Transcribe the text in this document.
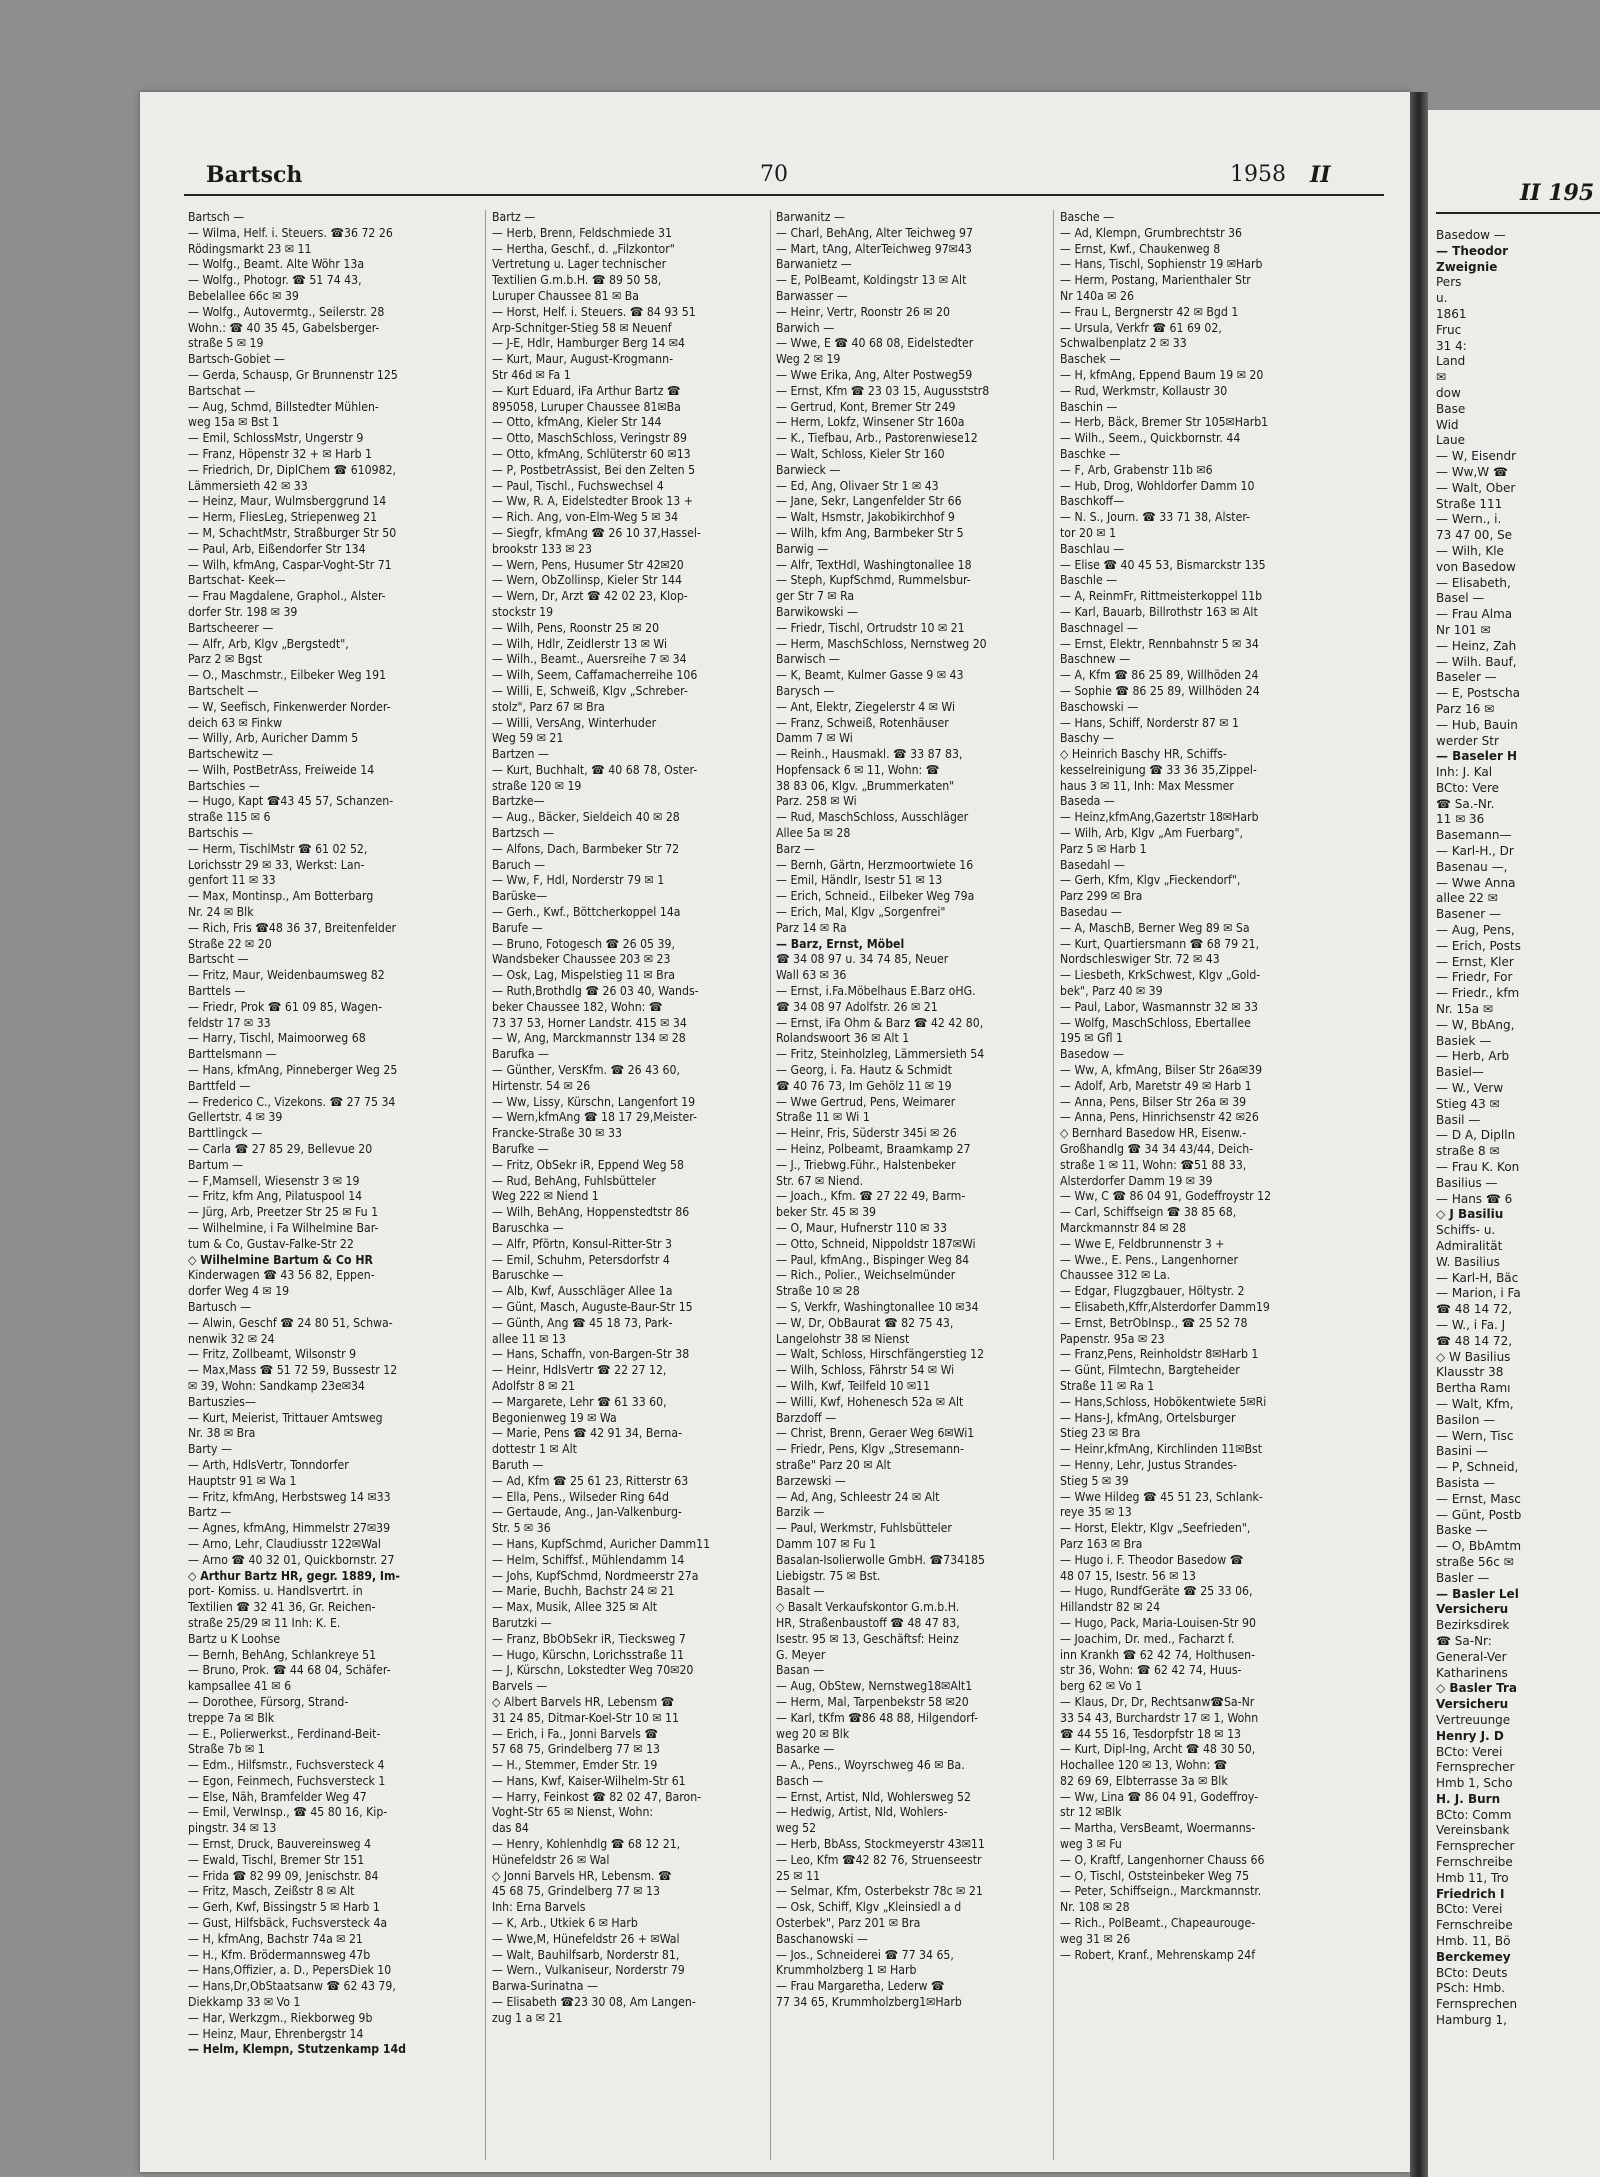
Bartsch	70	1958 II
Bartsch —
— Wilma, Helf. i. Steuers. ☎36 72 26
Rödingsmarkt 23 ✉ 11
— Wolfg., Beamt. Alte Wöhr 13a
— Wolfg., Photogr. ☎ 51 74 43,
Bebelallee 66c ✉ 39
— Wolfg., Autovermtg., Seilerstr. 28
Wohn.: ☎ 40 35 45, Gabelsberger-
straße 5 ✉ 19
Bartsch-Gobiet —
— Gerda, Schausp, Gr Brunnenstr 125
Bartschat —
— Aug, Schmd, Billstedter Mühlen-
weg 15a ✉ Bst 1
— Emil, SchlossMstr, Ungerstr 9
— Franz, Höpenstr 32 + ✉ Harb 1
— Friedrich, Dr, DiplChem ☎ 610982,
Lämmersieth 42 ✉ 33
— Heinz, Maur, Wulmsberggrund 14
— Herm, FliesLeg, Striepenweg 21
— M, SchachtMstr, Straßburger Str 50
— Paul, Arb, Eißendorfer Str 134
— Wilh, kfmAng, Caspar-Voght-Str 71
Bartschat- Keek—
— Frau Magdalene, Graphol., Alster-
dorfer Str. 198 ✉ 39
Bartscheerer —
— Alfr, Arb, Klgv „Bergstedt",
Parz 2 ✉ Bgst
— O., Maschmstr., Eilbeker Weg 191
Bartschelt —
— W, Seefisch, Finkenwerder Norder-
deich 63 ✉ Finkw
— Willy, Arb, Auricher Damm 5
Bartschewitz —
— Wilh, PostBetrAss, Freiweide 14
Bartschies —
— Hugo, Kapt ☎43 45 57, Schanzen-
straße 115 ✉ 6
Bartschis —
— Herm, TischlMstr ☎ 61 02 52,
Lorichsstr 29 ✉ 33, Werkst: Lan-
genfort 11 ✉ 33
— Max, Montinsp., Am Botterbarg
Nr. 24 ✉ Blk
— Rich, Fris ☎48 36 37, Breitenfelder
Straße 22 ✉ 20
Bartscht —
— Fritz, Maur, Weidenbaumsweg 82
Barttels —
— Friedr, Prok ☎ 61 09 85, Wagen-
feldstr 17 ✉ 33
— Harry, Tischl, Maimoorweg 68
Barttelsmann —
— Hans, kfmAng, Pinneberger Weg 25
Barttfeld —
— Frederico C., Vizekons. ☎ 27 75 34
Gellertstr. 4 ✉ 39
Barttlingck —
— Carla ☎ 27 85 29, Bellevue 20
Bartum —
— F,Mamsell, Wiesenstr 3 ✉ 19
— Fritz, kfm Ang, Pilatuspool 14
— Jürg, Arb, Preetzer Str 25 ✉ Fu 1
— Wilhelmine, i Fa Wilhelmine Bar-
tum & Co, Gustav-Falke-Str 22
◇ Wilhelmine Bartum & Co HR
Kinderwagen ☎ 43 56 82, Eppen-
dorfer Weg 4 ✉ 19
Bartusch —
— Alwin, Geschf ☎ 24 80 51, Schwa-
nenwik 32 ✉ 24
— Fritz, Zollbeamt, Wilsonstr 9
— Max,Mass ☎ 51 72 59, Bussestr 12
✉ 39, Wohn: Sandkamp 23e✉34
Bartuszies—
— Kurt, Meierist, Trittauer Amtsweg
Nr. 38 ✉ Bra
Barty —
— Arth, HdlsVertr, Tonndorfer
Hauptstr 91 ✉ Wa 1
— Fritz, kfmAng, Herbstsweg 14 ✉33
Bartz —
— Agnes, kfmAng, Himmelstr 27✉39
— Arno, Lehr, Claudiusstr 122✉Wal
— Arno ☎ 40 32 01, Quickbornstr. 27
◇ Arthur Bartz HR, gegr. 1889, Im-
port- Komiss. u. Handlsvertrt. in
Textilien ☎ 32 41 36, Gr. Reichen-
straße 25/29 ✉ 11 Inh: K. E.
Bartz u K Loohse
— Bernh, BehAng, Schlankreye 51
— Bruno, Prok. ☎ 44 68 04, Schäfer-
kampsallee 41 ✉ 6
— Dorothee, Fürsorg, Strand-
treppe 7a ✉ Blk
— E., Polierwerkst., Ferdinand-Beit-
Straße 7b ✉ 1
— Edm., Hilfsmstr., Fuchsversteck 4
— Egon, Feinmech, Fuchsversteck 1
— Else, Näh, Bramfelder Weg 47
— Emil, VerwInsp., ☎ 45 80 16, Kip-
pingstr. 34 ✉ 13
— Ernst, Druck, Bauvereinsweg 4
— Ewald, Tischl, Bremer Str 151
— Frida ☎ 82 99 09, Jenischstr. 84
— Fritz, Masch, Zeißstr 8 ✉ Alt
— Gerh, Kwf, Bissingstr 5 ✉ Harb 1
— Gust, Hilfsbäck, Fuchsversteck 4a
— H, kfmAng, Bachstr 74a ✉ 21
— H., Kfm. Brödermannsweg 47b
— Hans,Offizier, a. D., PepersDiek 10
— Hans,Dr,ObStaatsanw ☎ 62 43 79,
Diekkamp 33 ✉ Vo 1
— Har, Werkzgm., Riekborweg 9b
— Heinz, Maur, Ehrenbergstr 14
— Helm, Klempn, Stutzenkamp 14d
Bartz —
— Herb, Brenn, Feldschmiede 31
— Hertha, Geschf., d. „Filzkontor"
Vertretung u. Lager technischer
Textilien G.m.b.H. ☎ 89 50 58,
Luruper Chaussee 81 ✉ Ba
— Horst, Helf. i. Steuers. ☎ 84 93 51
Arp-Schnitger-Stieg 58 ✉ Neuenf
— J-E, Hdlr, Hamburger Berg 14 ✉4
— Kurt, Maur, August-Krogmann-
Str 46d ✉ Fa 1
— Kurt Eduard, iFa Arthur Bartz ☎
895058, Luruper Chaussee 81✉Ba
— Otto, kfmAng, Kieler Str 144
— Otto, MaschSchloss, Veringstr 89
— Otto, kfmAng, Schlüterstr 60 ✉13
— P, PostbetrAssist, Bei den Zelten 5
— Paul, Tischl., Fuchswechsel 4
— Ww, R. A, Eidelstedter Brook 13 +
— Rich. Ang, von-Elm-Weg 5 ✉ 34
— Siegfr, kfmAng ☎ 26 10 37,Hassel-
brookstr 133 ✉ 23
— Wern, Pens, Husumer Str 42✉20
— Wern, ObZollinsp, Kieler Str 144
— Wern, Dr, Arzt ☎ 42 02 23, Klop-
stockstr 19
— Wilh, Pens, Roonstr 25 ✉ 20
— Wilh, Hdlr, Zeidlerstr 13 ✉ Wi
— Wilh., Beamt., Auersreihe 7 ✉ 34
— Wilh, Seem, Caffamacherreihe 106
— Willi, E, Schweiß, Klgv „Schreber-
stolz", Parz 67 ✉ Bra
— Willi, VersAng, Winterhuder
Weg 59 ✉ 21
Bartzen —
— Kurt, Buchhalt, ☎ 40 68 78, Oster-
straße 120 ✉ 19
Bartzke—
— Aug., Bäcker, Sieldeich 40 ✉ 28
Bartzsch —
— Alfons, Dach, Barmbeker Str 72
Baruch —
— Ww, F, Hdl, Norderstr 79 ✉ 1
Barüske—
— Gerh., Kwf., Böttcherkoppel 14a
Barufe —
— Bruno, Fotogesch ☎ 26 05 39,
Wandsbeker Chaussee 203 ✉ 23
— Osk, Lag, Mispelstieg 11 ✉ Bra
— Ruth,Brothdlg ☎ 26 03 40, Wands-
beker Chaussee 182, Wohn: ☎
73 37 53, Horner Landstr. 415 ✉ 34
— W, Ang, Marckmannstr 134 ✉ 28
Barufka —
— Günther, VersKfm. ☎ 26 43 60,
Hirtenstr. 54 ✉ 26
— Ww, Lissy, Kürschn, Langenfort 19
— Wern,kfmAng ☎ 18 17 29,Meister-
Francke-Straße 30 ✉ 33
Barufke —
— Fritz, ObSekr iR, Eppend Weg 58
— Rud, BehAng, Fuhlsbütteler
Weg 222 ✉ Niend 1
— Wilh, BehAng, Hoppenstedtstr 86
Baruschka —
— Alfr, Pförtn, Konsul-Ritter-Str 3
— Emil, Schuhm, Petersdorfstr 4
Baruschke —
— Alb, Kwf, Ausschläger Allee 1a
— Günt, Masch, Auguste-Baur-Str 15
— Günth, Ang ☎ 45 18 73, Park-
allee 11 ✉ 13
— Hans, Schaffn, von-Bargen-Str 38
— Heinr, HdlsVertr ☎ 22 27 12,
Adolfstr 8 ✉ 21
— Margarete, Lehr ☎ 61 33 60,
Begonienweg 19 ✉ Wa
— Marie, Pens ☎ 42 91 34, Berna-
dottestr 1 ✉ Alt
Baruth —
— Ad, Kfm ☎ 25 61 23, Ritterstr 63
— Ella, Pens., Wilseder Ring 64d
— Gertaude, Ang., Jan-Valkenburg-
Str. 5 ✉ 36
— Hans, KupfSchmd, Auricher Damm11
— Helm, Schiffsf., Mühlendamm 14
— Johs, KupfSchmd, Nordmeerstr 27a
— Marie, Buchh, Bachstr 24 ✉ 21
— Max, Musik, Allee 325 ✉ Alt
Barutzki —
— Franz, BbObSekr iR, Tiecksweg 7
— Hugo, Kürschn, Lorichsstraße 11
— J, Kürschn, Lokstedter Weg 70✉20
Barvels —
◇ Albert Barvels HR, Lebensm ☎
31 24 85, Ditmar-Koel-Str 10 ✉ 11
— Erich, i Fa., Jonni Barvels ☎
57 68 75, Grindelberg 77 ✉ 13
— H., Stemmer, Emder Str. 19
— Hans, Kwf, Kaiser-Wilhelm-Str 61
— Harry, Feinkost ☎ 82 02 47, Baron-
Voght-Str 65 ✉ Nienst, Wohn:
das 84
— Henry, Kohlenhdlg ☎ 68 12 21,
Hünefeldstr 26 ✉ Wal
◇ Jonni Barvels HR, Lebensm. ☎
45 68 75, Grindelberg 77 ✉ 13
Inh: Erna Barvels
— K, Arb., Utkiek 6 ✉ Harb
— Wwe,M, Hünefeldstr 26 + ✉Wal
— Walt, Bauhilfsarb, Norderstr 81,
— Wern., Vulkaniseur, Norderstr 79
Barwa-Surinatna —
— Elisabeth ☎23 30 08, Am Langen-
zug 1 a ✉ 21
Barwanitz —
— Charl, BehAng, Alter Teichweg 97
— Mart, tAng, AlterTeichweg 97✉43
Barwanietz —
— E, PolBeamt, Koldingstr 13 ✉ Alt
Barwasser —
— Heinr, Vertr, Roonstr 26 ✉ 20
Barwich —
— Wwe, E ☎ 40 68 08, Eidelstedter
Weg 2 ✉ 19
— Wwe Erika, Ang, Alter Postweg59
— Ernst, Kfm ☎ 23 03 15, Augusststr8
— Gertrud, Kont, Bremer Str 249
— Herm, Lokfz, Winsener Str 160a
— K., Tiefbau, Arb., Pastorenwiese12
— Walt, Schloss, Kieler Str 160
Barwieck —
— Ed, Ang, Olivaer Str 1 ✉ 43
— Jane, Sekr, Langenfelder Str 66
— Walt, Hsmstr, Jakobikirchhof 9
— Wilh, kfm Ang, Barmbeker Str 5
Barwig —
— Alfr, TextHdl, Washingtonallee 18
— Steph, KupfSchmd, Rummelsbur-
ger Str 7 ✉ Ra
Barwikowski —
— Friedr, Tischl, Ortrudstr 10 ✉ 21
— Herm, MaschSchloss, Nernstweg 20
Barwisch —
— K, Beamt, Kulmer Gasse 9 ✉ 43
Barysch —
— Ant, Elektr, Ziegelerstr 4 ✉ Wi
— Franz, Schweiß, Rotenhäuser
Damm 7 ✉ Wi
— Reinh., Hausmakl. ☎ 33 87 83,
Hopfensack 6 ✉ 11, Wohn: ☎
38 83 06, Klgv. „Brummerkaten"
Parz. 258 ✉ Wi
— Rud, MaschSchloss, Ausschläger
Allee 5a ✉ 28
Barz —
— Bernh, Gärtn, Herzmoortwiete 16
— Emil, Händlr, Isestr 51 ✉ 13
— Erich, Schneid., Eilbeker Weg 79a
— Erich, Mal, Klgv „Sorgenfrei"
Parz 14 ✉ Ra
— Barz, Ernst, Möbel
☎ 34 08 97 u. 34 74 85, Neuer
Wall 63 ✉ 36
— Ernst, i.Fa.Möbelhaus E.Barz oHG.
☎ 34 08 97 Adolfstr. 26 ✉ 21
— Ernst, iFa Ohm & Barz ☎ 42 42 80,
Rolandswoort 36 ✉ Alt 1
— Fritz, Steinholzleg, Lämmersieth 54
— Georg, i. Fa. Hautz & Schmidt
☎ 40 76 73, Im Gehölz 11 ✉ 19
— Wwe Gertrud, Pens, Weimarer
Straße 11 ✉ Wi 1
— Heinr, Fris, Süderstr 345i ✉ 26
— Heinz, Polbeamt, Braamkamp 27
— J., Triebwg.Führ., Halstenbeker
Str. 67 ✉ Niend.
— Joach., Kfm. ☎ 27 22 49, Barm-
beker Str. 45 ✉ 39
— O, Maur, Hufnerstr 110 ✉ 33
— Otto, Schneid, Nippoldstr 187✉Wi
— Paul, kfmAng., Bispinger Weg 84
— Rich., Polier., Weichselmünder
Straße 10 ✉ 28
— S, Verkfr, Washingtonallee 10 ✉34
— W, Dr, ObBaurat ☎ 82 75 43,
Langelohstr 38 ✉ Nienst
— Walt, Schloss, Hirschfängerstieg 12
— Wilh, Schloss, Fährstr 54 ✉ Wi
— Wilh, Kwf, Teilfeld 10 ✉11
— Willi, Kwf, Hohenesch 52a ✉ Alt
Barzdoff —
— Christ, Brenn, Geraer Weg 6✉Wi1
— Friedr, Pens, Klgv „Stresemann-
straße" Parz 20 ✉ Alt
Barzewski —
— Ad, Ang, Schleestr 24 ✉ Alt
Barzik —
— Paul, Werkmstr, Fuhlsbütteler
Damm 107 ✉ Fu 1
Basalan-Isolierwolle GmbH. ☎734185
Liebigstr. 75 ✉ Bst.
Basalt —
◇ Basalt Verkaufskontor G.m.b.H.
HR, Straßenbaustoff ☎ 48 47 83,
Isestr. 95 ✉ 13, Geschäftsf: Heinz
G. Meyer
Basan —
— Aug, ObStew, Nernstweg18✉Alt1
— Herm, Mal, Tarpenbekstr 58 ✉20
— Karl, tKfm ☎86 48 88, Hilgendorf-
weg 20 ✉ Blk
Basarke —
— A., Pens., Woyrschweg 46 ✉ Ba.
Basch —
— Ernst, Artist, Nld, Wohlersweg 52
— Hedwig, Artist, Nld, Wohlers-
weg 52
— Herb, BbAss, Stockmeyerstr 43✉11
— Leo, Kfm ☎42 82 76, Struenseestr
25 ✉ 11
— Selmar, Kfm, Osterbekstr 78c ✉ 21
— Osk, Schiff, Klgv „Kleinsiedl a d
Osterbek", Parz 201 ✉ Bra
Baschanowski —
— Jos., Schneiderei ☎ 77 34 65,
Krummholzberg 1 ✉ Harb
— Frau Margaretha, Lederw ☎
77 34 65, Krummholzberg1✉Harb
Basche —
— Ad, Klempn, Grumbrechtstr 36
— Ernst, Kwf., Chaukenweg 8
— Hans, Tischl, Sophienstr 19 ✉Harb
— Herm, Postang, Marienthaler Str
Nr 140a ✉ 26
— Frau L, Bergnerstr 42 ✉ Bgd 1
— Ursula, Verkfr ☎ 61 69 02,
Schwalbenplatz 2 ✉ 33
Baschek —
— H, kfmAng, Eppend Baum 19 ✉ 20
— Rud, Werkmstr, Kollaustr 30
Baschin —
— Herb, Bäck, Bremer Str 105✉Harb1
— Wilh., Seem., Quickbornstr. 44
Baschke —
— F, Arb, Grabenstr 11b ✉6
— Hub, Drog, Wohldorfer Damm 10
Baschkoff—
— N. S., Journ. ☎ 33 71 38, Alster-
tor 20 ✉ 1
Baschlau —
— Elise ☎ 40 45 53, Bismarckstr 135
Baschle —
— A, ReinmFr, Rittmeisterkoppel 11b
— Karl, Bauarb, Billrothstr 163 ✉ Alt
Baschnagel —
— Ernst, Elektr, Rennbahnstr 5 ✉ 34
Baschnew —
— A, Kfm ☎ 86 25 89, Willhöden 24
— Sophie ☎ 86 25 89, Willhöden 24
Baschowski —
— Hans, Schiff, Norderstr 87 ✉ 1
Baschy —
◇ Heinrich Baschy HR, Schiffs-
kesselreinigung ☎ 33 36 35,Zippel-
haus 3 ✉ 11, Inh: Max Messmer
Baseda —
— Heinz,kfmAng,Gazertstr 18✉Harb
— Wilh, Arb, Klgv „Am Fuerbarg",
Parz 5 ✉ Harb 1
Basedahl —
— Gerh, Kfm, Klgv „Fieckendorf",
Parz 299 ✉ Bra
Basedau —
— A, MaschB, Berner Weg 89 ✉ Sa
— Kurt, Quartiersmann ☎ 68 79 21,
Nordschleswiger Str. 72 ✉ 43
— Liesbeth, KrkSchwest, Klgv „Gold-
bek", Parz 40 ✉ 39
— Paul, Labor, Wasmannstr 32 ✉ 33
— Wolfg, MaschSchloss, Ebertallee
195 ✉ Gfl 1
Basedow —
— Ww, A, kfmAng, Bilser Str 26a✉39
— Adolf, Arb, Maretstr 49 ✉ Harb 1
— Anna, Pens, Bilser Str 26a ✉ 39
— Anna, Pens, Hinrichsenstr 42 ✉26
◇ Bernhard Basedow HR, Eisenw.-
Großhandlg ☎ 34 34 43/44, Deich-
straße 1 ✉ 11, Wohn: ☎51 88 33,
Alsterdorfer Damm 19 ✉ 39
— Ww, C ☎ 86 04 91, Godeffroystr 12
— Carl, Schiffseign ☎ 38 85 68,
Marckmannstr 84 ✉ 28
— Wwe E, Feldbrunnenstr 3 +
— Wwe., E. Pens., Langenhorner
Chaussee 312 ✉ La.
— Edgar, Flugzgbauer, Höltystr. 2
— Elisabeth,Kffr,Alsterdorfer Damm19
— Ernst, BetrObInsp., ☎ 25 52 78
Papenstr. 95a ✉ 23
— Franz,Pens, Reinholdstr 8✉Harb 1
— Günt, Filmtechn, Bargteheider
Straße 11 ✉ Ra 1
— Hans,Schloss, Hobökentwiete 5✉Ri
— Hans-J, kfmAng, Ortelsburger
Stieg 23 ✉ Bra
— Heinr,kfmAng, Kirchlinden 11✉Bst
— Henny, Lehr, Justus Strandes-
Stieg 5 ✉ 39
— Wwe Hildeg ☎ 45 51 23, Schlank-
reye 35 ✉ 13
— Horst, Elektr, Klgv „Seefrieden",
Parz 163 ✉ Bra
— Hugo i. F. Theodor Basedow ☎
48 07 15, Isestr. 56 ✉ 13
— Hugo, RundfGeräte ☎ 25 33 06,
Hillandstr 82 ✉ 24
— Hugo, Pack, Maria-Louisen-Str 90
— Joachim, Dr. med., Facharzt f.
inn Krankh ☎ 62 42 74, Holthusen-
str 36, Wohn: ☎ 62 42 74, Huus-
berg 62 ✉ Vo 1
— Klaus, Dr, Dr, Rechtsanw☎Sa-Nr
33 54 43, Burchardstr 17 ✉ 1, Wohn
☎ 44 55 16, Tesdorpfstr 18 ✉ 13
— Kurt, Dipl-Ing, Archt ☎ 48 30 50,
Hochallee 120 ✉ 13, Wohn: ☎
82 69 69, Elbterrasse 3a ✉ Blk
— Ww, Lina ☎ 86 04 91, Godeffroy-
str 12 ✉Blk
— Martha, VersBeamt, Woermanns-
weg 3 ✉ Fu
— O, Kraftf, Langenhorner Chauss 66
— O, Tischl, Oststeinbeker Weg 75
— Peter, Schiffseign., Marckmannstr.
Nr. 108 ✉ 28
— Rich., PolBeamt., Chapeaurouge-
weg 31 ✉ 26
— Robert, Kranf., Mehrenskamp 24f
II 195
Basedow —
— Theodor
Zweignie
Pers
u.
1861
Fruc
31 4:
Land
✉
dow
Base
Wid
Laue
— W, Eisendr
— Ww,W ☎
— Walt, Ober
Straße 111
— Wern., i.
73 47 00, Se
— Wilh, Kle
von Basedow
— Elisabeth,
Basel —
— Frau Alma
Nr 101 ✉
— Heinz, Zah
— Wilh. Bauf,
Baseler —
— E, Postscha
Parz 16 ✉
— Hub, Bauin
werder Str
— Baseler H
Inh: J. Kal
BCto: Vere
☎ Sa.-Nr.
11 ✉ 36
Basemann—
— Karl-H., Dr
Basenau —,
— Wwe Anna
allee 22 ✉
Basener —
— Aug, Pens,
— Erich, Posts
— Ernst, Kler
— Friedr, For
— Friedr., kfm
Nr. 15a ✉
— W, BbAng,
Basiek —
— Herb, Arb
Basiel—
— W., Verw
Stieg 43 ✉
Basil —
— D A, Diplln
straße 8 ✉
— Frau K. Kon
Basilius —
— Hans ☎ 6
◇ J Basiliu
Schiffs- u.
Admiralität
W. Basilius
— Karl-H, Bäc
— Marion, i Fa
☎ 48 14 72,
— W., i Fa. J
☎ 48 14 72,
◇ W Basilius
Klausstr 38
Bertha Ramı
— Walt, Kfm,
Basilon —
— Wern, Tisc
Basini —
— P, Schneid,
Basista —
— Ernst, Masc
— Günt, Postb
Baske —
— O, BbAmtm
straße 56c ✉
Basler —
— Basler Lel
Versicheru
Bezirksdirek
☎ Sa-Nr:
General-Ver
Katharinens
◇ Basler Tra
Versicheru
Vertreuunge
Henry J. D
BCto: Verei
Fernsprecher
Hmb 1, Scho
H. J. Burn
BCto: Comm
Vereinsbank
Fernsprecher
Fernschreibe
Hmb 11, Tro
Friedrich I
BCto: Verei
Fernschreibe
Hmb. 11, Bö
Berckemey
BCto: Deuts
PSch: Hmb.
Fernsprechen
Hamburg 1,
